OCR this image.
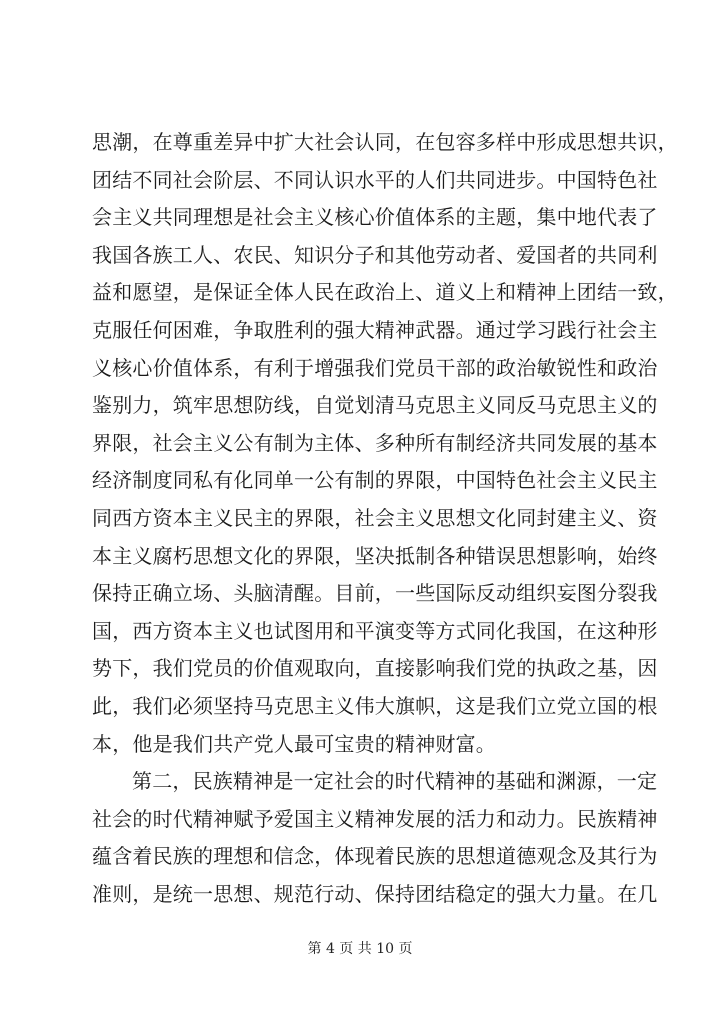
思潮，在尊重差异中扩大社会认同，在包容多样中形成思想共识，
团结不同社会阶层、不同认识水平的人们共同进步。中国特色社
会主义共同理想是社会主义核心价值体系的主题，集中地代表了
我国各族工人、农民、知识分子和其他劳动者、爱国者的共同利
益和愿望，是保证全体人民在政治上、道义上和精神上团结一致，
克服任何困难，争取胜利的强大精神武器。通过学习践行社会主
义核心价值体系，有利于增强我们党员干部的政治敏锐性和政治
鉴别力，筑牢思想防线，自觉划清马克思主义同反马克思主义的
界限，社会主义公有制为主体、多种所有制经济共同发展的基本
经济制度同私有化同单一公有制的界限，中国特色社会主义民主
同西方资本主义民主的界限，社会主义思想文化同封建主义、资
本主义腐朽思想文化的界限，坚决抵制各种错误思想影响，始终
保持正确立场、头脑清醒。目前，一些国际反动组织妄图分裂我
国，西方资本主义也试图用和平演变等方式同化我国，在这种形
势下，我们党员的价值观取向，直接影响我们党的执政之基，因
此，我们必须坚持马克思主义伟大旗帜，这是我们立党立国的根
本，他是我们共产党人最可宝贵的精神财富。
第二，民族精神是一定社会的时代精神的基础和渊源，一定
社会的时代精神赋予爱国主义精神发展的活力和动力。民族精神
蕴含着民族的理想和信念，体现着民族的思想道德观念及其行为
准则，是统一思想、规范行动、保持团结稳定的强大力量。在几
第 4 页 共 10 页
